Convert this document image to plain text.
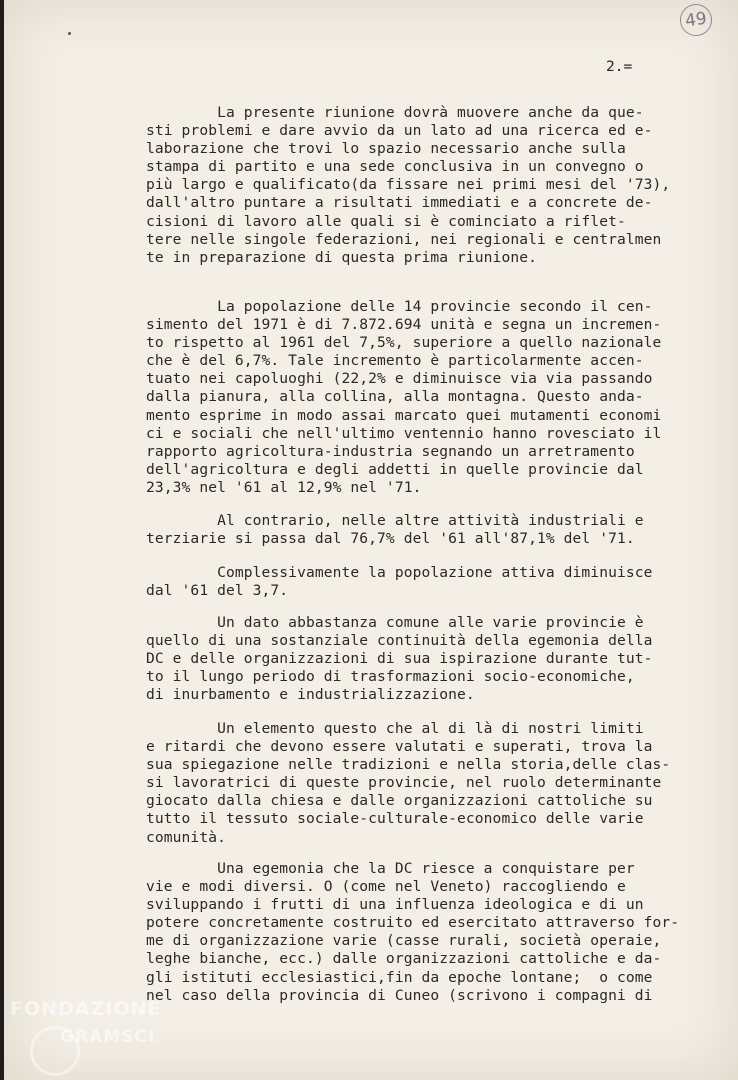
49
2.=

La presente riunione dovrà muovere anche da que-
sti problemi e dare avvio da un lato ad una ricerca ed e-
laborazione che trovi lo spazio necessario anche sulla
stampa di partito e una sede conclusiva in un convegno o
più largo e qualificato(da fissare nei primi mesi del '73),
dall'altro puntare a risultati immediati e a concrete de-
cisioni di lavoro alle quali si è cominciato a riflet-
tere nelle singole federazioni, nei regionali e centralmen
te in preparazione di questa prima riunione.

La popolazione delle 14 provincie secondo il cen-
simento del 1971 è di 7.872.694 unità e segna un incremen-
to rispetto al 1961 del 7,5%, superiore a quello nazionale
che è del 6,7%. Tale incremento è particolarmente accen-
tuato nei capoluoghi (22,2% e diminuisce via via passando
dalla pianura, alla collina, alla montagna. Questo anda-
mento esprime in modo assai marcato quei mutamenti economi
ci e sociali che nell'ultimo ventennio hanno rovesciato il
rapporto agricoltura-industria segnando un arretramento
dell'agricoltura e degli addetti in quelle provincie dal
23,3% nel '61 al 12,9% nel '71.

Al contrario, nelle altre attività industriali e
terziarie si passa dal 76,7% del '61 all'87,1% del '71.

Complessivamente la popolazione attiva diminuisce
dal '61 del 3,7.

Un dato abbastanza comune alle varie provincie è
quello di una sostanziale continuità della egemonia della
DC e delle organizzazioni di sua ispirazione durante tut-
to il lungo periodo di trasformazioni socio-economiche,
di inurbamento e industrializzazione.

Un elemento questo che al di là di nostri limiti
e ritardi che devono essere valutati e superati, trova la
sua spiegazione nelle tradizioni e nella storia,delle clas-
si lavoratrici di queste provincie, nel ruolo determinante
giocato dalla chiesa e dalle organizzazioni cattoliche su
tutto il tessuto sociale-culturale-economico delle varie
comunità.

Una egemonia che la DC riesce a conquistare per
vie e modi diversi. O (come nel Veneto) raccogliendo e
sviluppando i frutti di una influenza ideologica e di un
potere concretamente costruito ed esercitato attraverso for-
me di organizzazione varie (casse rurali, società operaie,
leghe bianche, ecc.) dalle organizzazioni cattoliche e da-
gli istituti ecclesiastici,fin da epoche lontane;  o come
nel caso della provincia di Cuneo (scrivono i compagni di

FONDAZIONE
GRAMSCI
